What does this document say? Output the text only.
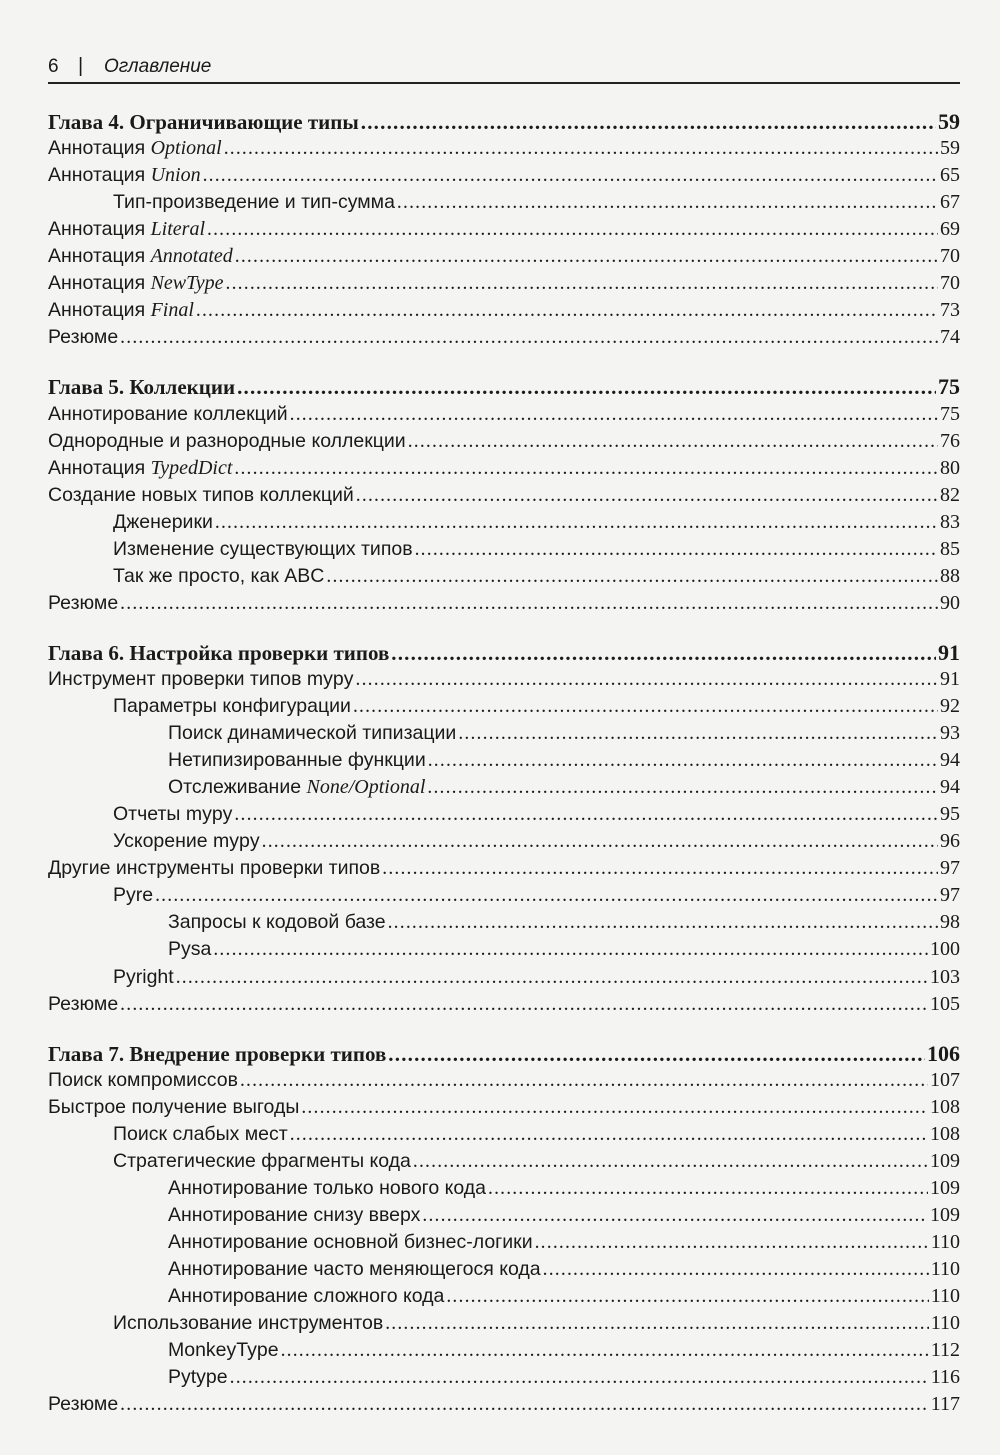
6 | Оглавление
Глава 4. Ограничивающие типы .....	59
Аннотация Optional .....	59
Аннотация Union .....	65
Тип-произведение и тип-сумма .....	67
Аннотация Literal .....	69
Аннотация Annotated .....	70
Аннотация NewType .....	70
Аннотация Final .....	73
Резюме .....	74
Глава 5. Коллекции .....	75
Аннотирование коллекций .....	75
Однородные и разнородные коллекции .....	76
Аннотация TypedDict .....	80
Создание новых типов коллекций .....	82
Дженерики .....	83
Изменение существующих типов .....	85
Так же просто, как ABC .....	88
Резюме .....	90
Глава 6. Настройка проверки типов .....	91
Инструмент проверки типов mypy .....	91
Параметры конфигурации .....	92
Поиск динамической типизации .....	93
Нетипизированные функции .....	94
Отслеживание None/Optional .....	94
Отчеты mypy .....	95
Ускорение mypy .....	96
Другие инструменты проверки типов .....	97
Pyre .....	97
Запросы к кодовой базе .....	98
Pysa .....	100
Pyright .....	103
Резюме .....	105
Глава 7. Внедрение проверки типов .....	106
Поиск компромиссов .....	107
Быстрое получение выгоды .....	108
Поиск слабых мест .....	108
Стратегические фрагменты кода .....	109
Аннотирование только нового кода .....	109
Аннотирование снизу вверх .....	109
Аннотирование основной бизнес-логики .....	110
Аннотирование часто меняющегося кода .....	110
Аннотирование сложного кода .....	110
Использование инструментов .....	110
MonkeyType .....	112
Pytype .....	116
Резюме .....	117
